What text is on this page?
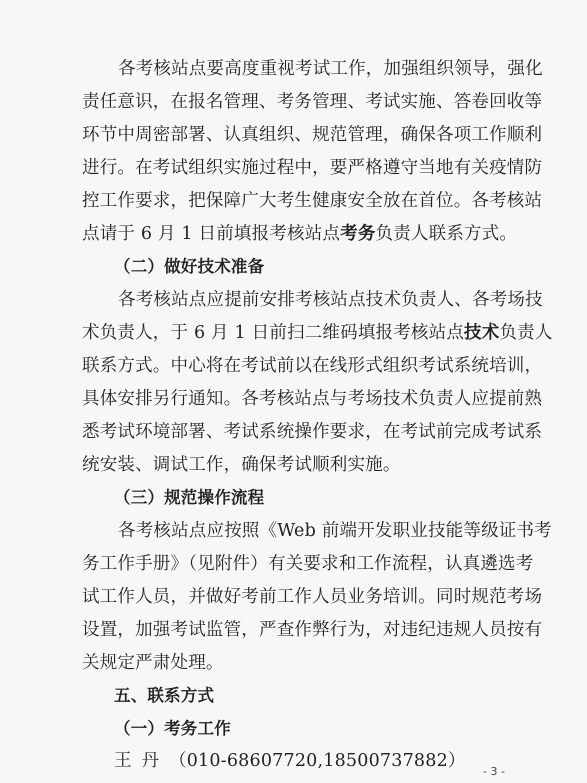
各考核站点要高度重视考试工作，加强组织领导，强化
责任意识，在报名管理、考务管理、考试实施、答卷回收等
环节中周密部署、认真组织、规范管理，确保各项工作顺利
进行。在考试组织实施过程中，要严格遵守当地有关疫情防
控工作要求，把保障广大考生健康安全放在首位。各考核站
点请于 6 月 1 日前填报考核站点考务负责人联系方式。
（二）做好技术准备
各考核站点应提前安排考核站点技术负责人、各考场技
术负责人，于 6 月 1 日前扫二维码填报考核站点技术负责人
联系方式。中心将在考试前以在线形式组织考试系统培训，
具体安排另行通知。各考核站点与考场技术负责人应提前熟
悉考试环境部署、考试系统操作要求，在考试前完成考试系
统安装、调试工作，确保考试顺利实施。
（三）规范操作流程
各考核站点应按照《Web 前端开发职业技能等级证书考
务工作手册》（见附件）有关要求和工作流程，认真遴选考
试工作人员，并做好考前工作人员业务培训。同时规范考场
设置，加强考试监管，严查作弊行为，对违纪违规人员按有
关规定严肃处理。
五、联系方式
（一）考务工作
王丹（010-68607720,18500737882）
- 3 -
